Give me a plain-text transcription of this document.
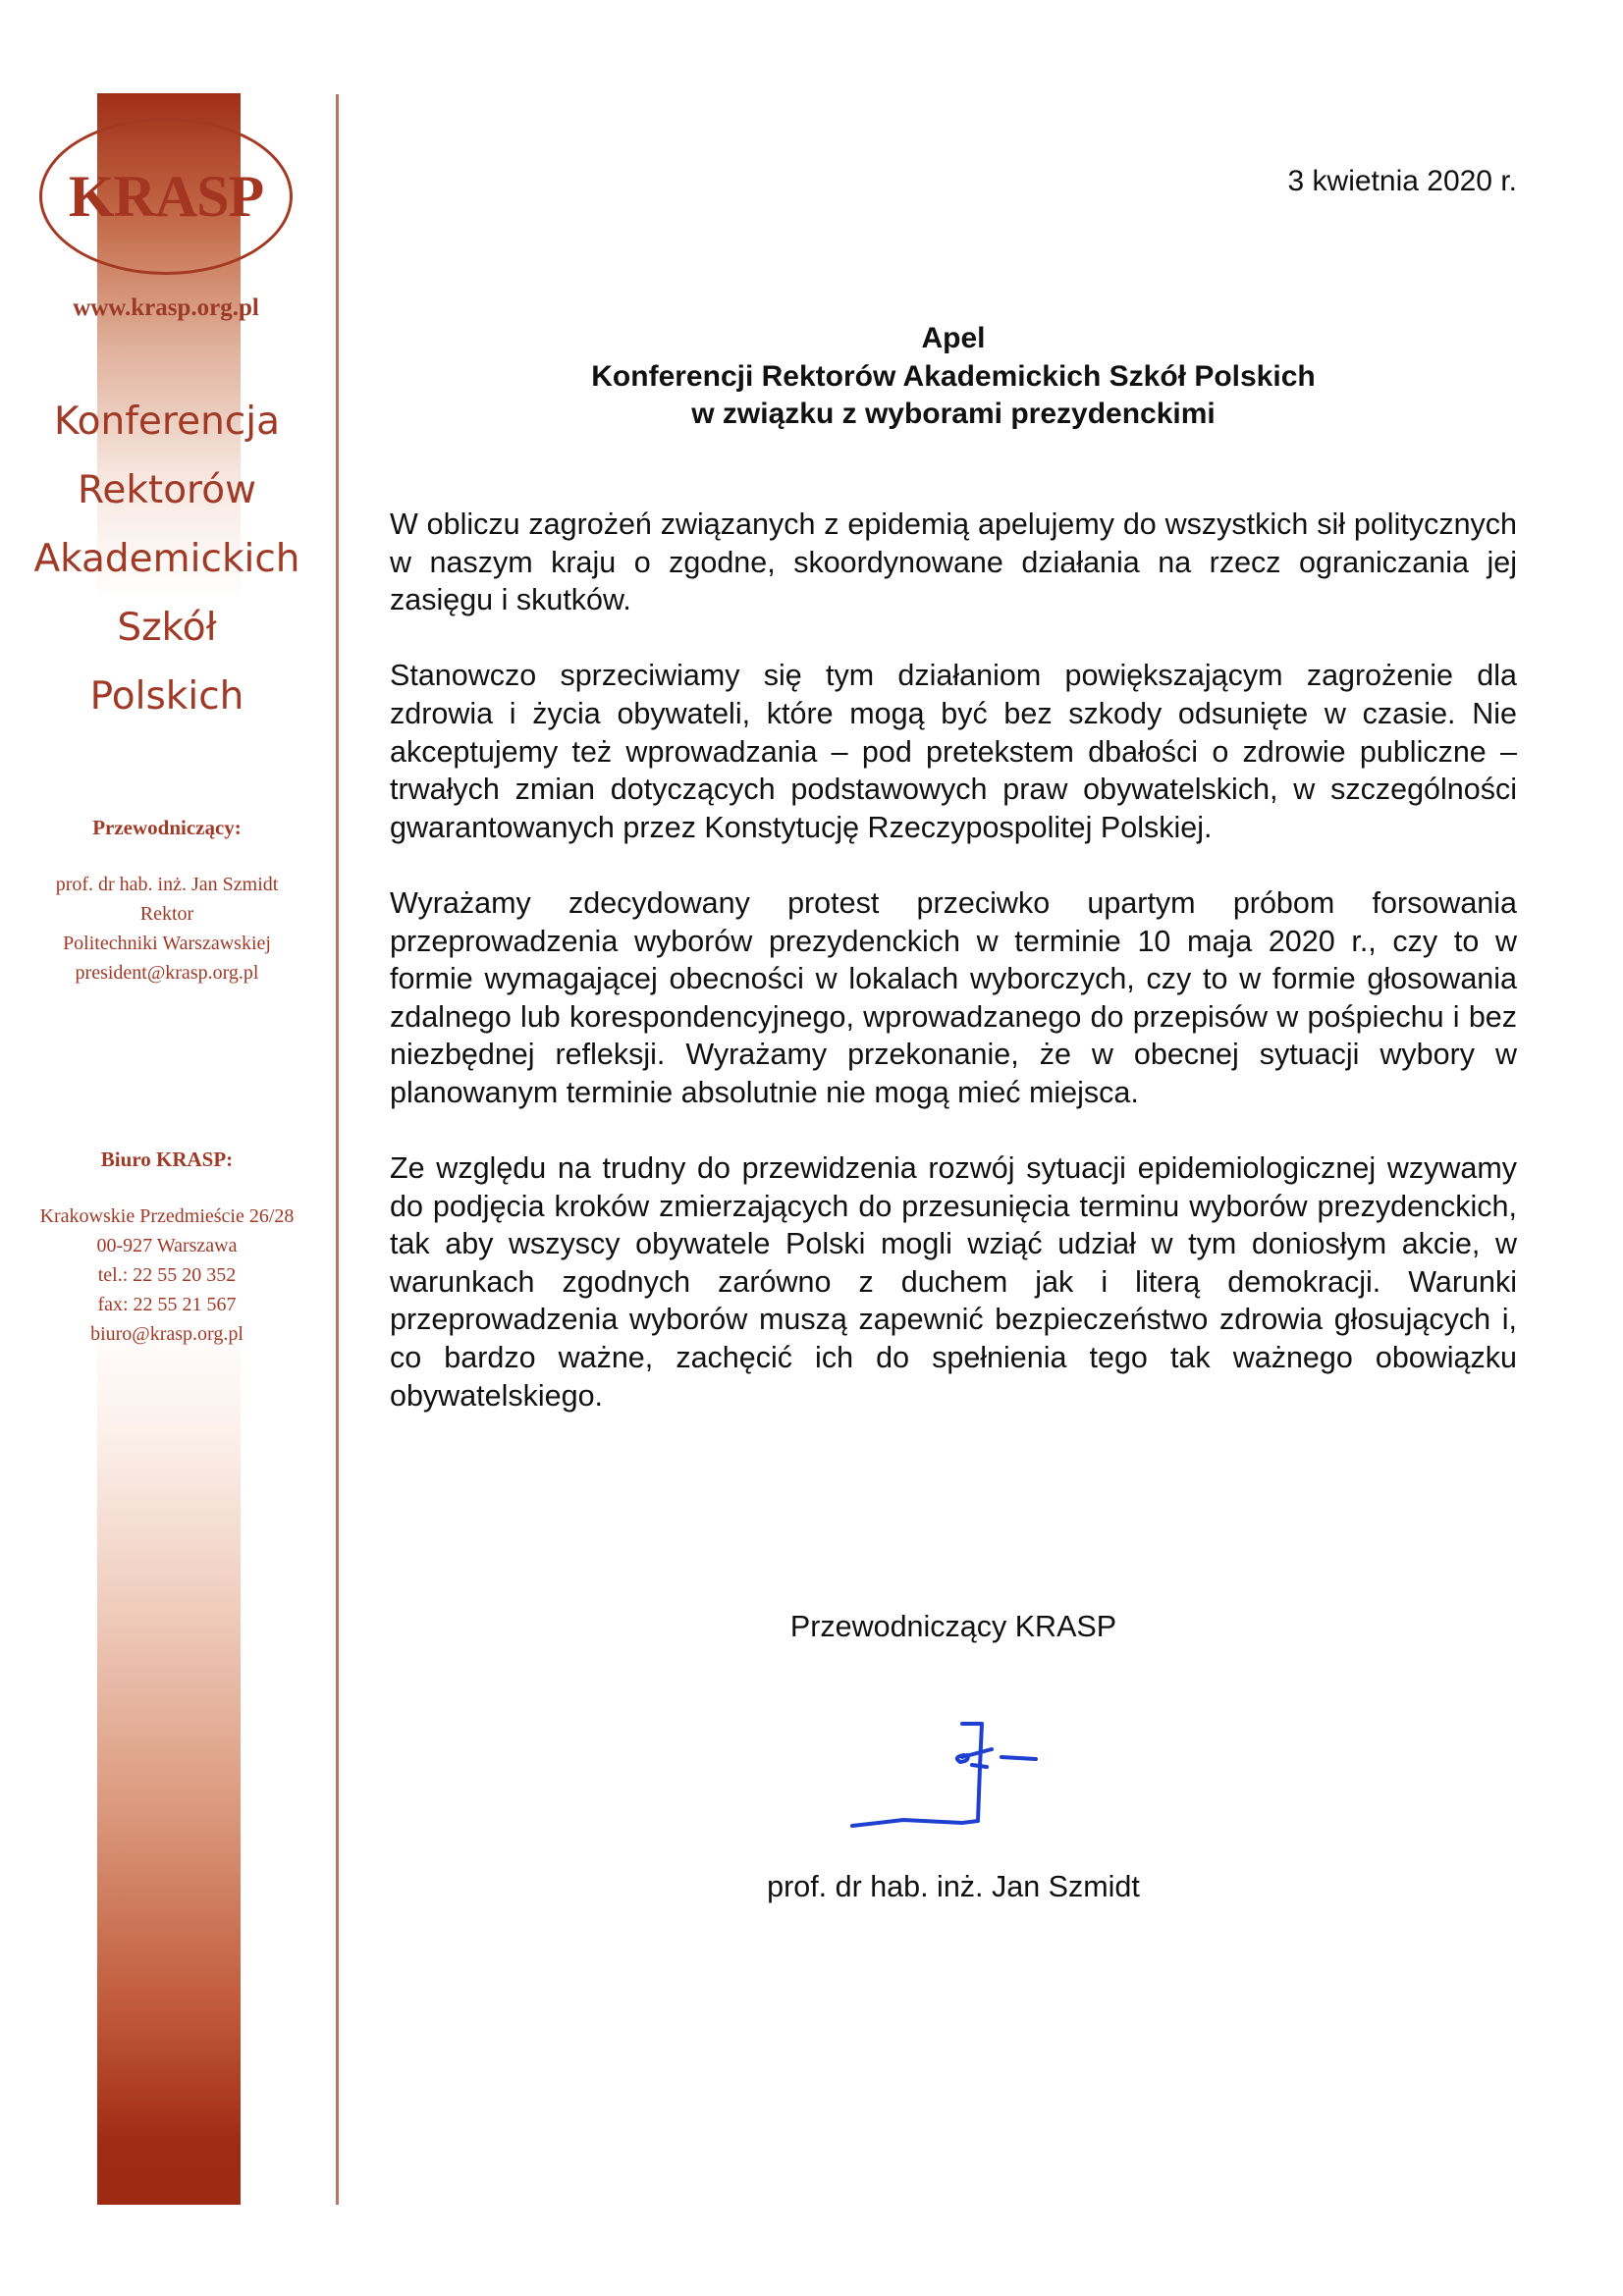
KRASP
www.krasp.org.pl
Konferencja
Rektorów
Akademickich
Szkół
Polskich
Przewodniczący:
prof. dr hab. inż. Jan Szmidt
Rektor
Politechniki Warszawskiej
president@krasp.org.pl
Biuro KRASP:
Krakowskie Przedmieście 26/28
00-927 Warszawa
tel.: 22 55 20 352
fax: 22 55 21 567
biuro@krasp.org.pl
3 kwietnia 2020 r.
Apel
Konferencji Rektorów Akademickich Szkół Polskich
w związku z wyborami prezydenckimi

W obliczu zagrożeń związanych z epidemią apelujemy do wszystkich sił politycznych w naszym kraju o zgodne, skoordynowane działania na rzecz ograniczania jej zasięgu i skutków.

Stanowczo sprzeciwiamy się tym działaniom powiększającym zagrożenie dla zdrowia i życia obywateli, które mogą być bez szkody odsunięte w czasie. Nie akceptujemy też wprowadzania – pod pretekstem dbałości o zdrowie publiczne – trwałych zmian dotyczących podstawowych praw obywatelskich, w szczególności gwarantowanych przez Konstytucję Rzeczypospolitej Polskiej.

Wyrażamy zdecydowany protest przeciwko upartym próbom forsowania przeprowadzenia wyborów prezydenckich w terminie 10 maja 2020 r., czy to w formie wymagającej obecności w lokalach wyborczych, czy to w formie głosowania zdalnego lub korespondencyjnego, wprowadzanego do przepisów w pośpiechu i bez niezbędnej refleksji. Wyrażamy przekonanie, że w obecnej sytuacji wybory w planowanym terminie absolutnie nie mogą mieć miejsca.

Ze względu na trudny do przewidzenia rozwój sytuacji epidemiologicznej wzywamy do podjęcia kroków zmierzających do przesunięcia terminu wyborów prezydenckich, tak aby wszyscy obywatele Polski mogli wziąć udział w tym doniosłym akcie, w warunkach zgodnych zarówno z duchem jak i literą demokracji. Warunki przeprowadzenia wyborów muszą zapewnić bezpieczeństwo zdrowia głosujących i, co bardzo ważne, zachęcić ich do spełnienia tego tak ważnego obowiązku obywatelskiego.

Przewodniczący KRASP
prof. dr hab. inż. Jan Szmidt
